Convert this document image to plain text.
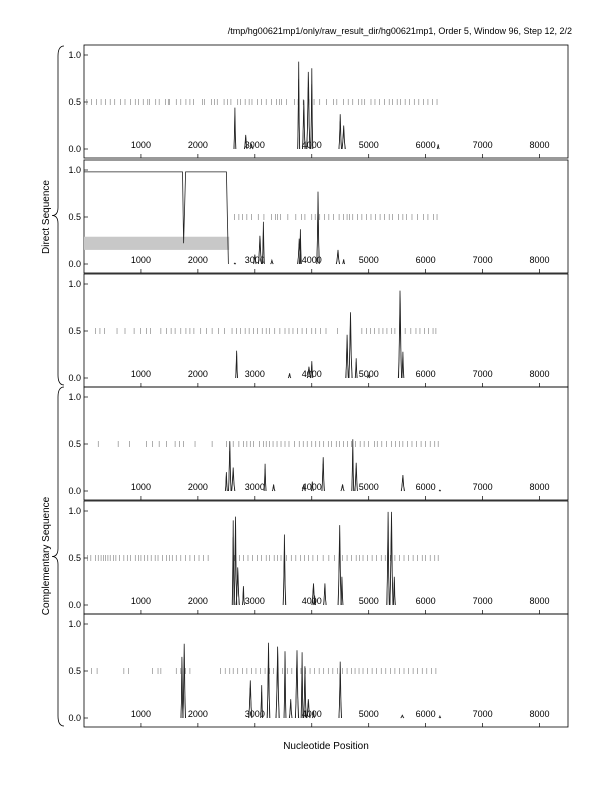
/tmp/hg00621mp1/only/raw_result_dir/hg00621mp1, Order 5, Window 96, Step 12, 2/2
0.0
0.5
1.0
1000	2000	3000	4000	5000	6000	7000	8000
0.0
0.5
1.0
1000	2000	3000	4000	5000	6000	7000	8000
0.0
0.5
1.0
1000	2000	3000	4000	5000	6000	7000	8000
0.0
0.5
1.0
1000	2000	3000	4000	5000	6000	7000	8000
0.0
0.5
1.0
1000	2000	3000	4000	5000	6000	7000	8000
0.0
0.5
1.0
1000	2000	3000	4000	5000	6000	7000	8000
Nucleotide Position
Direct Sequence
Complementary Sequence
